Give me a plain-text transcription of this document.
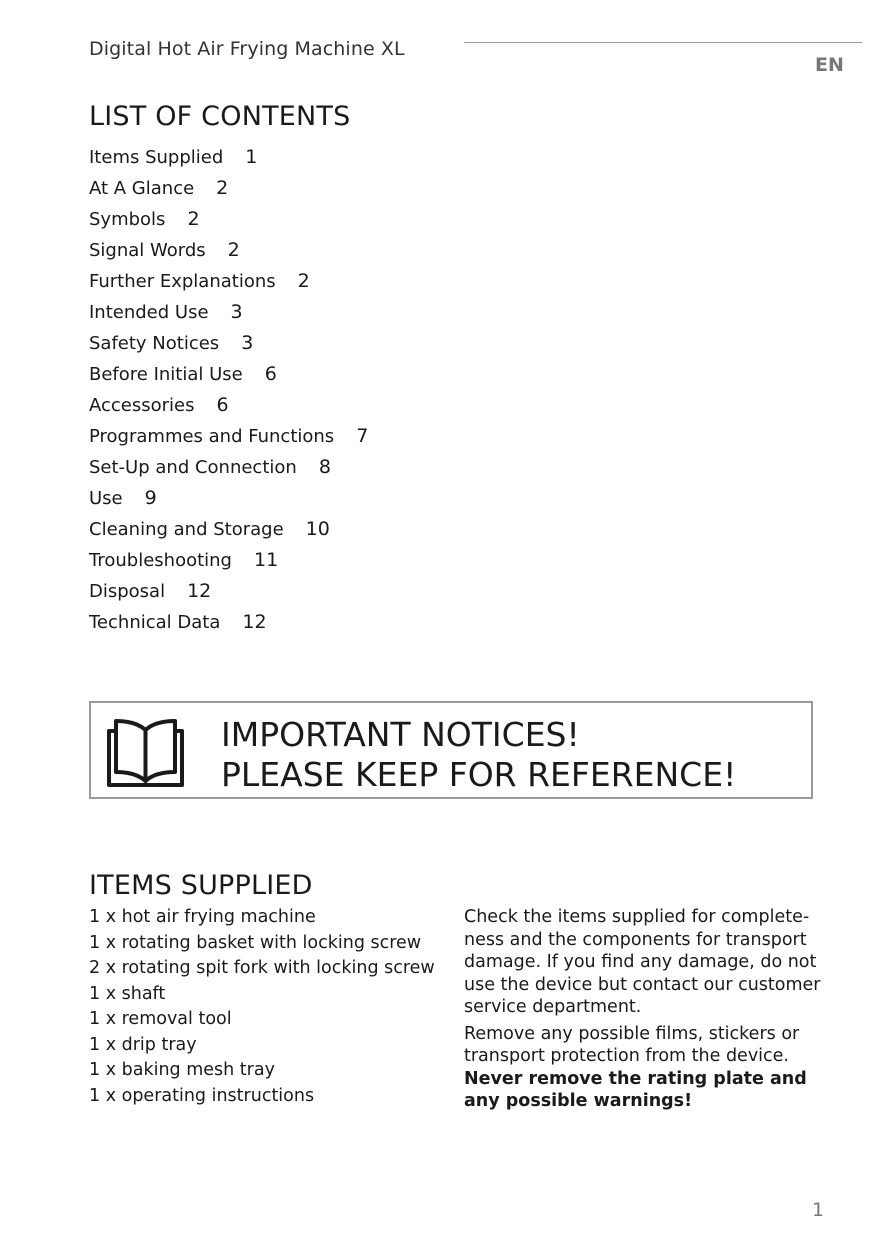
Digital Hot Air Frying Machine XL
EN
LIST OF CONTENTS
Items Supplied 1
At A Glance 2
Symbols 2
Signal Words 2
Further Explanations 2
Intended Use 3
Safety Notices 3
Before Initial Use 6
Accessories 6
Programmes and Functions 7
Set-Up and Connection 8
Use 9
Cleaning and Storage 10
Troubleshooting 11
Disposal 12
Technical Data 12
IMPORTANT NOTICES!
PLEASE KEEP FOR REFERENCE!
ITEMS SUPPLIED
1 x hot air frying machine
1 x rotating basket with locking screw
2 x rotating spit fork with locking screw
1 x shaft
1 x removal tool
1 x drip tray
1 x baking mesh tray
1 x operating instructions

Check the items supplied for complete-ness and the components for transport damage. If you find any damage, do not use the device but contact our customer service department.

Remove any possible films, stickers or transport protection from the device. Never remove the rating plate and any possible warnings!

1
